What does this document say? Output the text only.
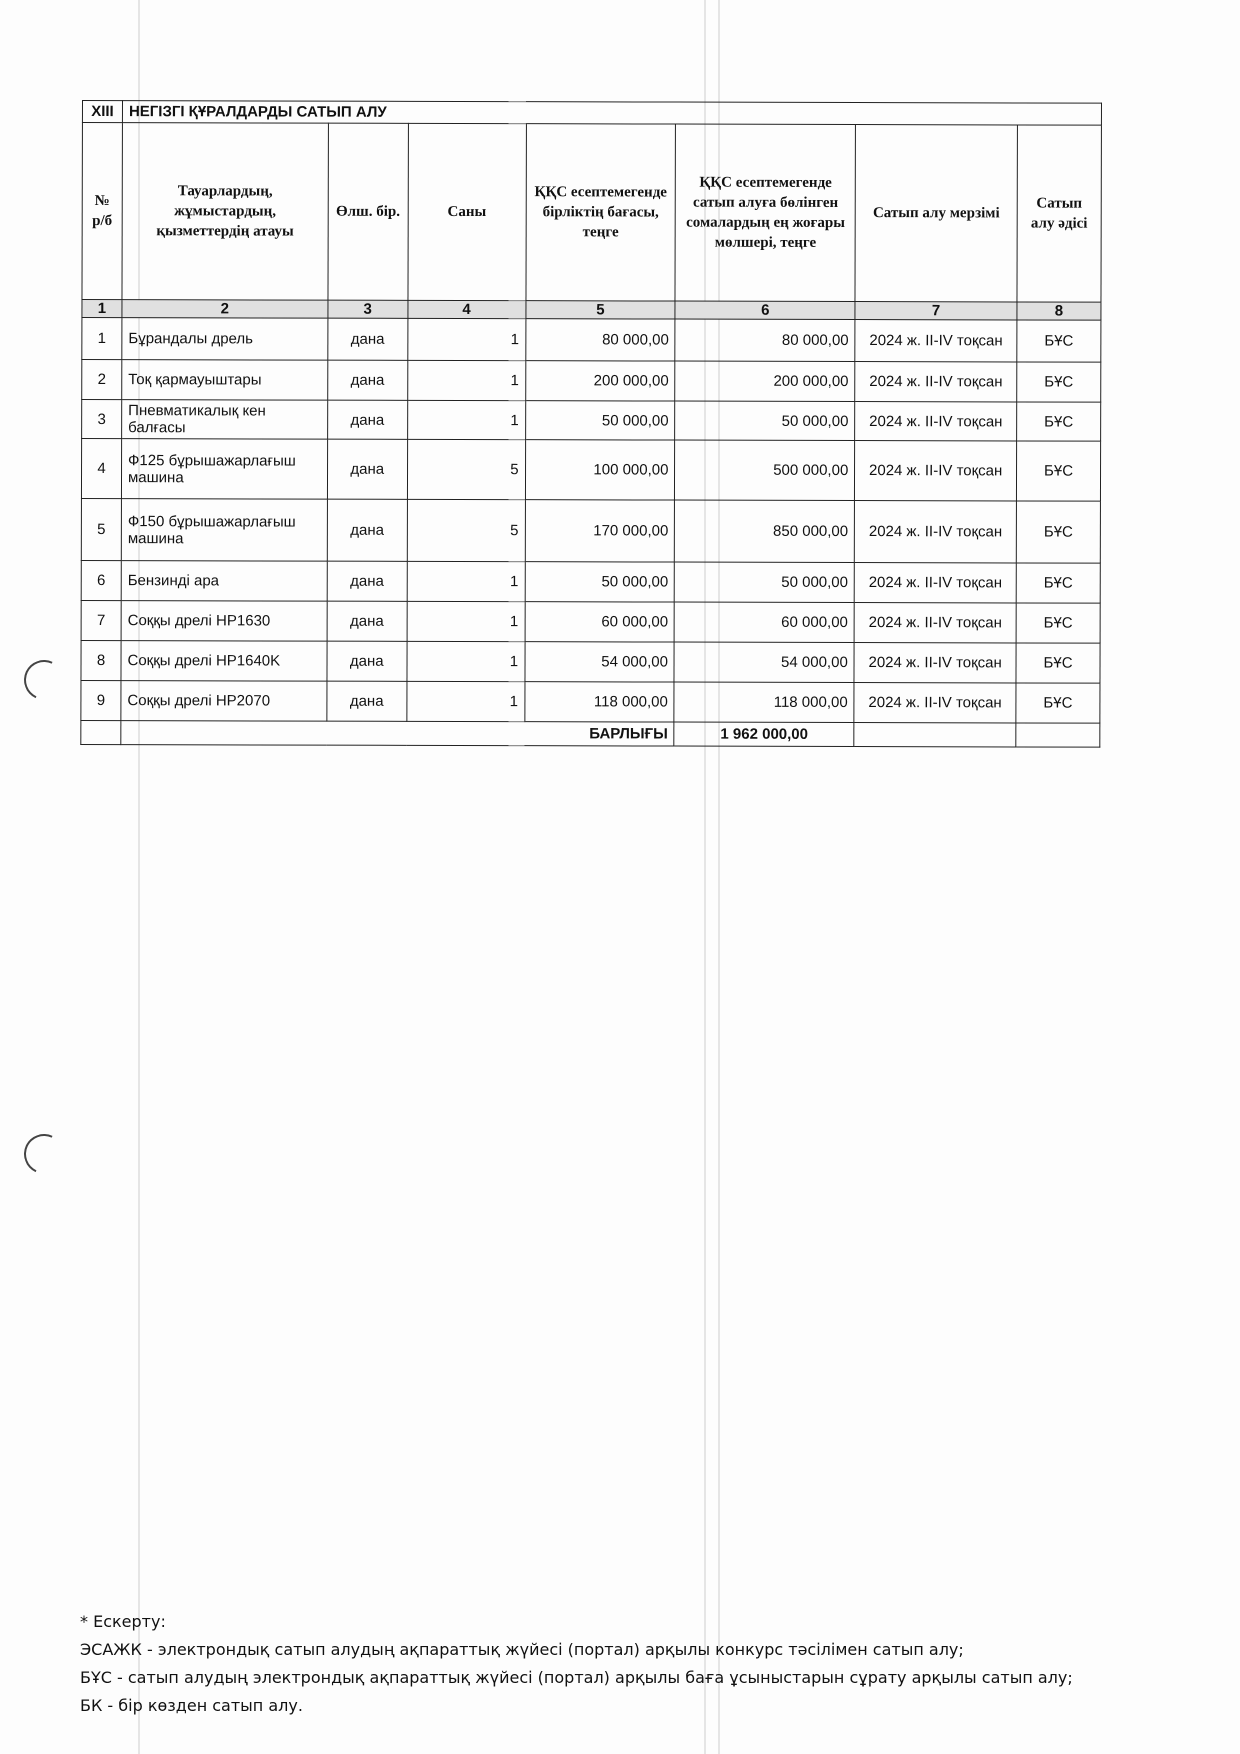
XIII	НЕГІЗГІ ҚҰРАЛДАРДЫ САТЫП АЛУ						
№ р/б	Тауарлардың, жұмыстардың, қызметтердің атауы	Өлш. бір.	Саны	ҚҚС есептемегенде бірліктің бағасы, теңге	ҚҚС есептемегенде сатып алуға бөлінген сомалардың ең жоғары мөлшері, теңге	Сатып алу мерзімі	Сатып алу әдісі
1	2	3	4	5	6	7	8
1	Бұрандалы дрель	дана	1	80 000,00	80 000,00	2024 ж. II-IV тоқсан	БҰС
2	Тоқ қармауыштары	дана	1	200 000,00	200 000,00	2024 ж. II-IV тоқсан	БҰС
3	Пневматикалық кен балғасы	дана	1	50 000,00	50 000,00	2024 ж. II-IV тоқсан	БҰС
4	Ф125 бұрышажарлағыш машина	дана	5	100 000,00	500 000,00	2024 ж. II-IV тоқсан	БҰС
5	Ф150 бұрышажарлағыш машина	дана	5	170 000,00	850 000,00	2024 ж. II-IV тоқсан	БҰС
6	Бензинді ара	дана	1	50 000,00	50 000,00	2024 ж. II-IV тоқсан	БҰС
7	Соққы дрелі HP1630	дана	1	60 000,00	60 000,00	2024 ж. II-IV тоқсан	БҰС
8	Соққы дрелі HP1640K	дана	1	54 000,00	54 000,00	2024 ж. II-IV тоқсан	БҰС
9	Соққы дрелі HP2070	дана	1	118 000,00	118 000,00	2024 ж. II-IV тоқсан	БҰС
	БАРЛЫҒЫ				1 962 000,00		
* Ескерту:
ЭСАЖК - электрондық сатып алудың ақпараттық жүйесі (портал) арқылы конкурс тәсілімен сатып алу;
БҰС - сатып алудың электрондық ақпараттық жүйесі (портал) арқылы баға ұсыныстарын сұрату арқылы сатып алу;
БК - бір көзден сатып алу.
